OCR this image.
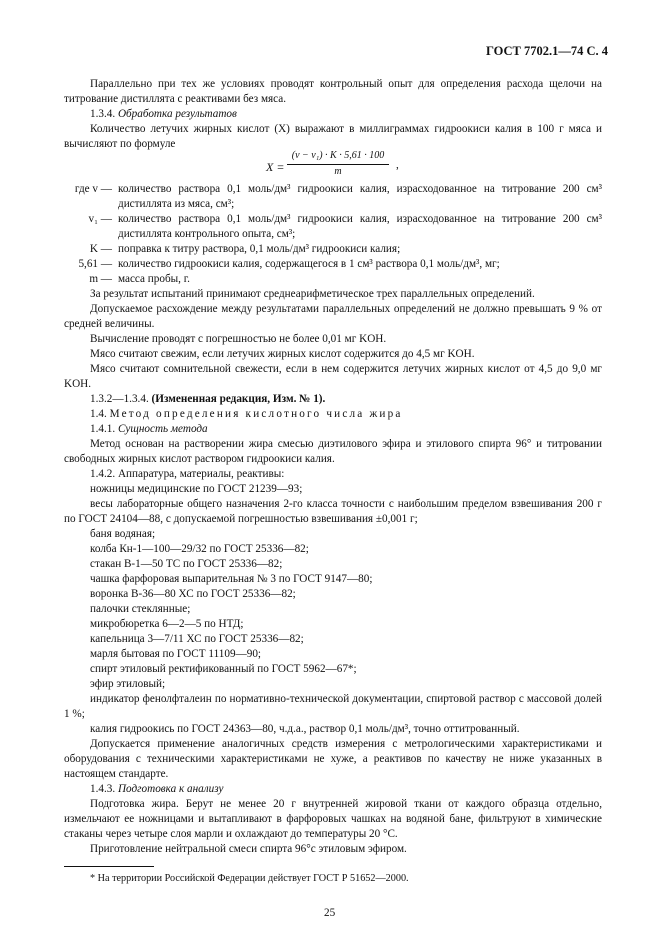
ГОСТ 7702.1—74 С. 4
Параллельно при тех же условиях проводят контрольный опыт для определения расхода щелочи на титрование дистиллята с реактивами без мяса.
1.3.4. Обработка результатов
Количество летучих жирных кислот (X) выражают в миллиграммах гидроокиси калия в 100 г мяса и вычисляют по формуле
X =
(v − v₁) · K · 5,61 · 100
m
,
где v — количество раствора 0,1 моль/дм³ гидроокиси калия, израсходованное на титрование 200 см³ дистиллята из мяса, см³;
v₁ — количество раствора 0,1 моль/дм³ гидроокиси калия, израсходованное на титрование 200 см³ дистиллята контрольного опыта, см³;
K — поправка к титру раствора, 0,1 моль/дм³ гидроокиси калия;
5,61 — количество гидроокиси калия, содержащегося в 1 см³ раствора 0,1 моль/дм³, мг;
m — масса пробы, г.
За результат испытаний принимают среднеарифметическое трех параллельных определений.
Допускаемое расхождение между результатами параллельных определений не должно превышать 9 % от средней величины.
Вычисление проводят с погрешностью не более 0,01 мг KOH.
Мясо считают свежим, если летучих жирных кислот содержится до 4,5 мг KOH.
Мясо считают сомнительной свежести, если в нем содержится летучих жирных кислот от 4,5 до 9,0 мг KOH.
1.3.2—1.3.4. (Измененная редакция, Изм. № 1).
1.4. Метод определения кислотного числа жира
1.4.1. Сущность метода
Метод основан на растворении жира смесью диэтилового эфира и этилового спирта 96° и титровании свободных жирных кислот раствором гидроокиси калия.
1.4.2. Аппаратура, материалы, реактивы:
ножницы медицинские по ГОСТ 21239—93;
весы лабораторные общего назначения 2-го класса точности с наибольшим пределом взвешивания 200 г по ГОСТ 24104—88, с допускаемой погрешностью взвешивания ±0,001 г;
баня водяная;
колба Кн-1—100—29/32 по ГОСТ 25336—82;
стакан В-1—50 ТС по ГОСТ 25336—82;
чашка фарфоровая выпарительная № 3 по ГОСТ 9147—80;
воронка В-36—80 ХС по ГОСТ 25336—82;
палочки стеклянные;
микробюретка 6—2—5 по НТД;
капельница 3—7/11 ХС по ГОСТ 25336—82;
марля бытовая по ГОСТ 11109—90;
спирт этиловый ректификованный по ГОСТ 5962—67*;
эфир этиловый;
индикатор фенолфталеин по нормативно-технической документации, спиртовой раствор с массовой долей 1 %;
калия гидроокись по ГОСТ 24363—80, ч.д.а., раствор 0,1 моль/дм³, точно оттитрованный.
Допускается применение аналогичных средств измерения с метрологическими характеристиками и оборудования с техническими характеристиками не хуже, а реактивов по качеству не ниже указанных в настоящем стандарте.
1.4.3. Подготовка к анализу
Подготовка жира. Берут не менее 20 г внутренней жировой ткани от каждого образца отдельно, измельчают ее ножницами и вытапливают в фарфоровых чашках на водяной бане, фильтруют в химические стаканы через четыре слоя марли и охлаждают до температуры 20 °С.
Приготовление нейтральной смеси спирта 96°с этиловым эфиром.
* На территории Российской Федерации действует ГОСТ Р 51652—2000.
25
